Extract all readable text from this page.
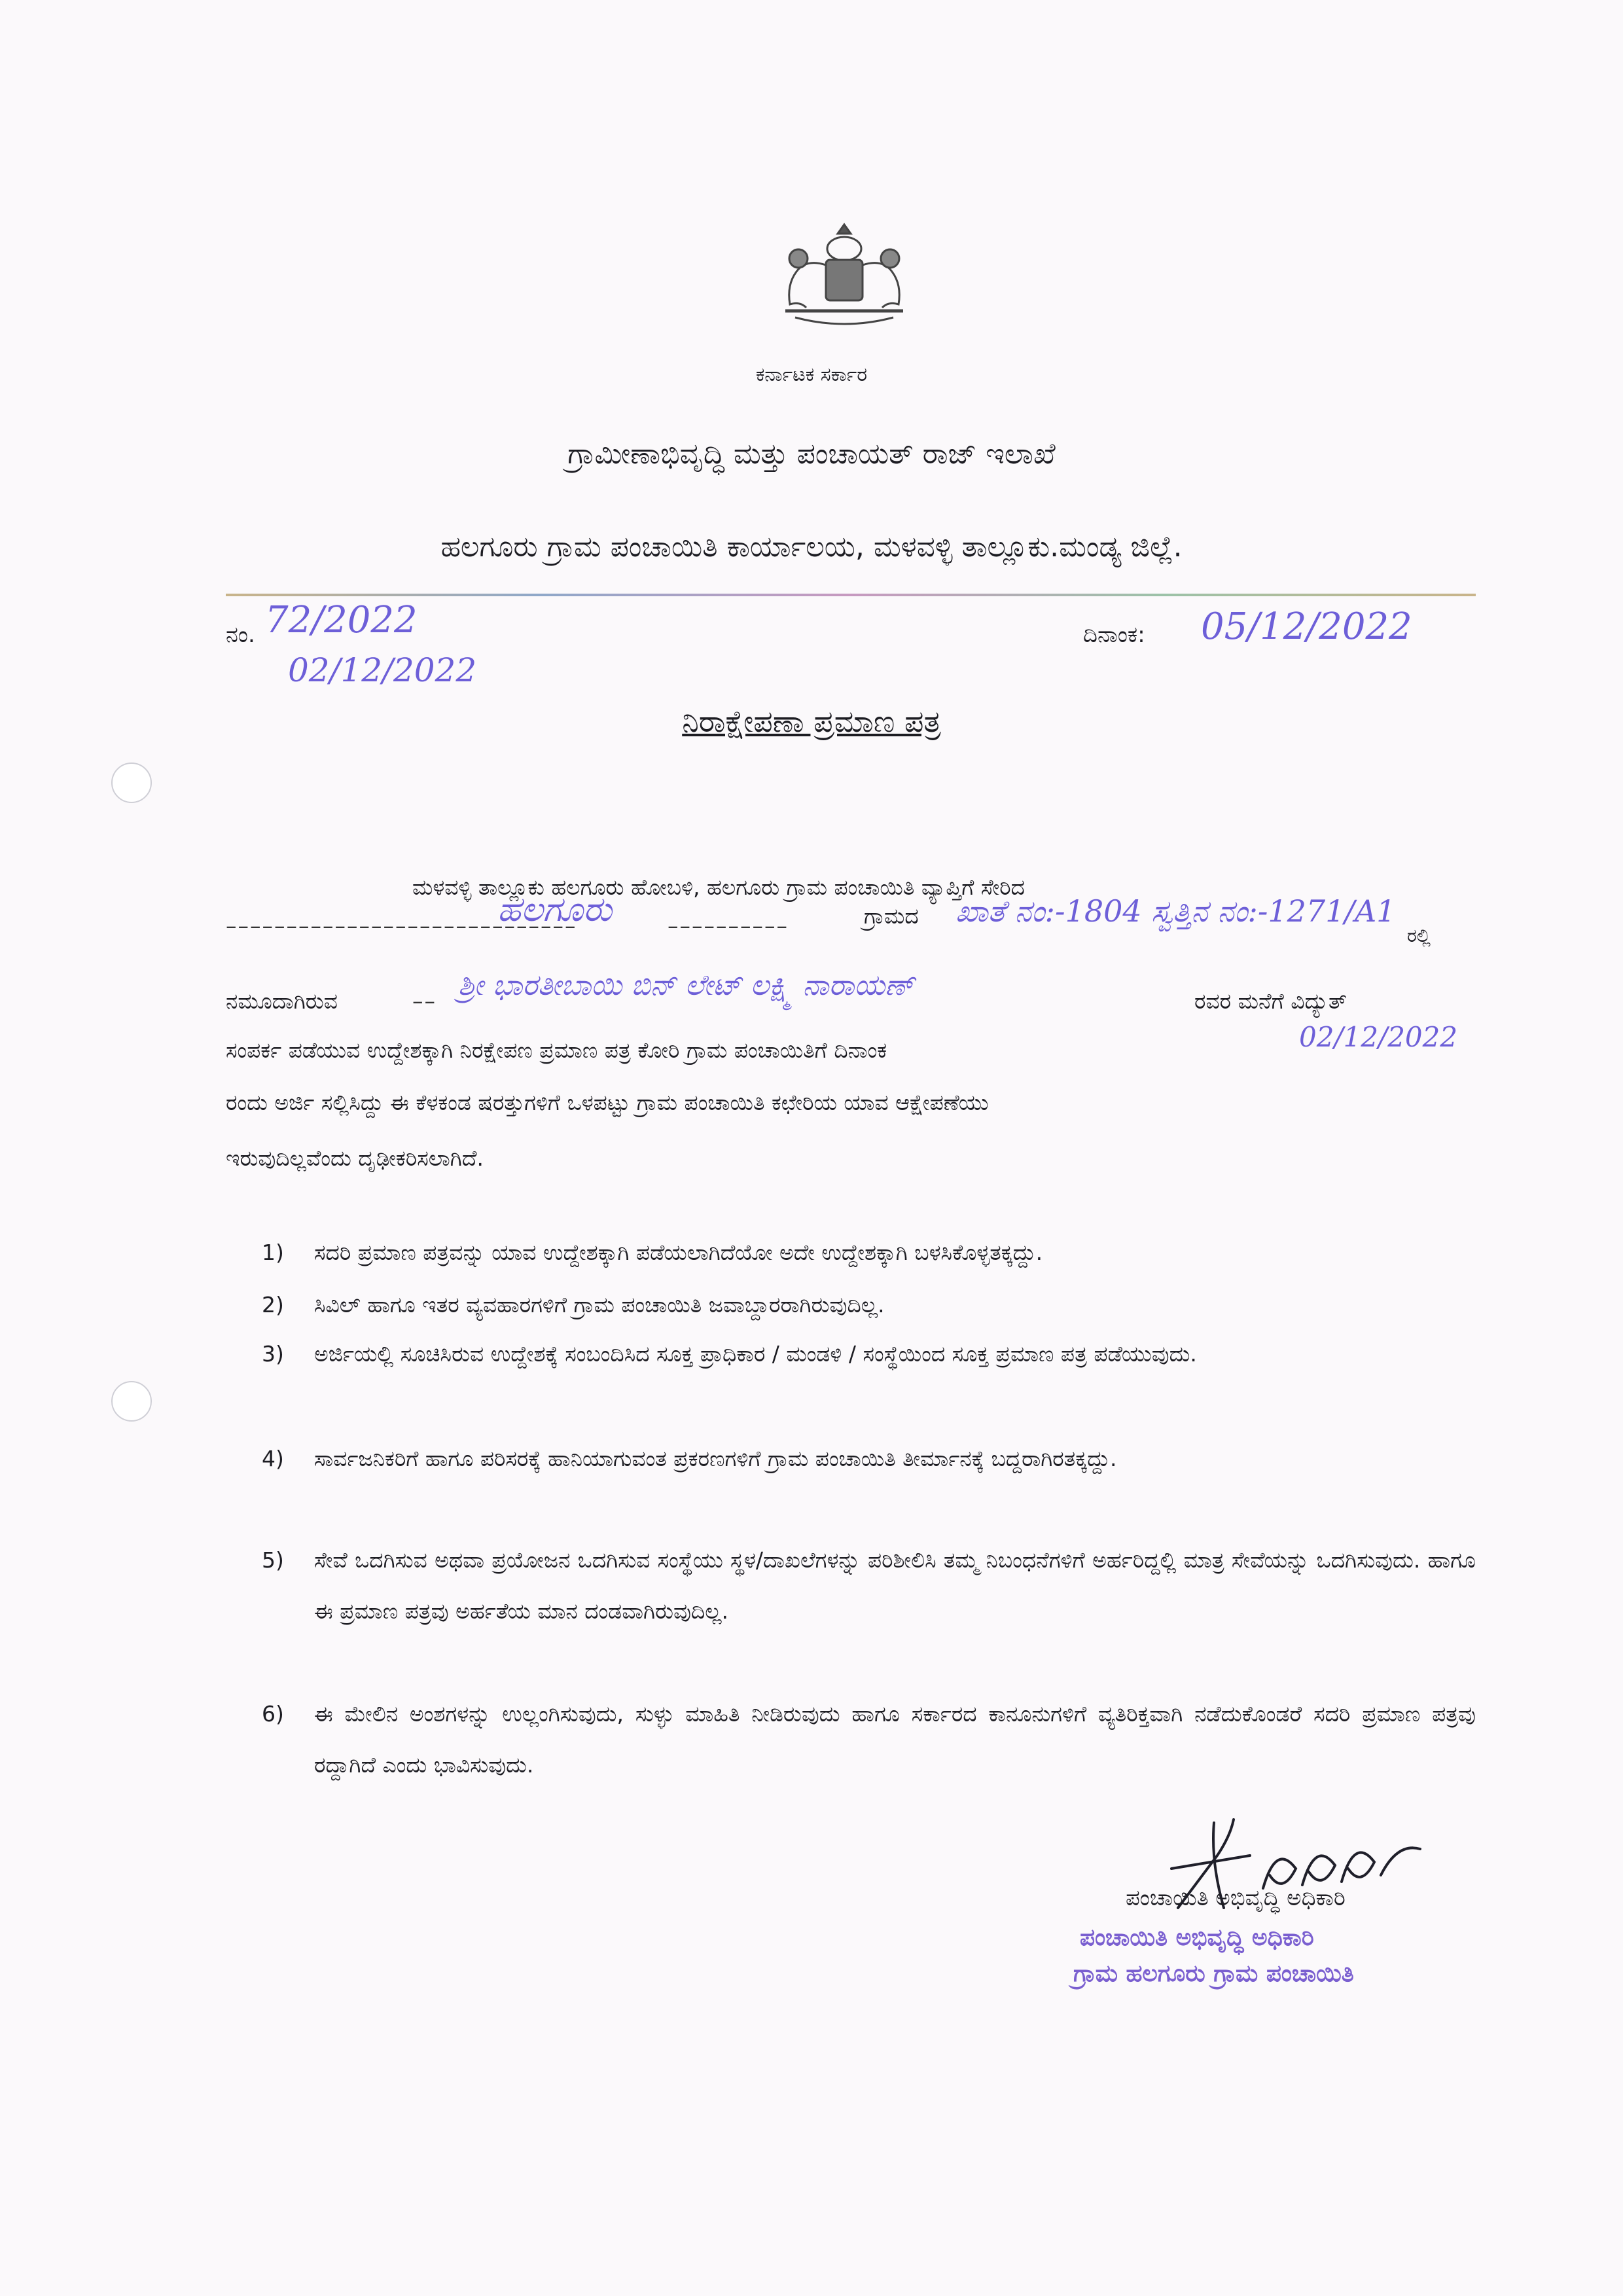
ಕರ್ನಾಟಕ ಸರ್ಕಾರ
ಗ್ರಾಮೀಣಾಭಿವೃದ್ಧಿ ಮತ್ತು ಪಂಚಾಯತ್ ರಾಜ್ ಇಲಾಖೆ
ಹಲಗೂರು ಗ್ರಾಮ ಪಂಚಾಯಿತಿ ಕಾರ್ಯಾಲಯ, ಮಳವಳ್ಳಿ ತಾಲ್ಲೂಕು.ಮಂಡ್ಯ ಜಿಲ್ಲೆ.
ನಂ. 72/2022
02/12/2022
ದಿನಾಂಕ: 05/12/2022
ನಿರಾಕ್ಷೇಪಣಾ ಪ್ರಮಾಣ ಪತ್ರ
ಮಳವಳ್ಳಿ ತಾಲ್ಲೂಕು ಹಲಗೂರು ಹೋಬಳಿ, ಹಲಗೂರು ಗ್ರಾಮ ಪಂಚಾಯಿತಿ ವ್ಯಾಪ್ತಿಗೆ ಸೇರಿದ
–––––––––––––––––––––––––––––
ಹಲಗೂರು	––––––––––	ಗ್ರಾಮದ ಖಾತೆ ನಂ:-1804 ಸ್ವತ್ತಿನ ನಂ:-1271/A1
ರಲ್ಲಿ
ನಮೂದಾಗಿರುವ	–– ಶ್ರೀ ಭಾರತೀಬಾಯಿ ಬಿನ್ ಲೇಟ್ ಲಕ್ಷ್ಮಿ ನಾರಾಯಣ್	ರವರ ಮನೆಗೆ ವಿದ್ಯುತ್
ಸಂಪರ್ಕ ಪಡೆಯುವ ಉದ್ದೇಶಕ್ಕಾಗಿ ನಿರಕ್ಷೇಪಣ ಪ್ರಮಾಣ ಪತ್ರ ಕೋರಿ ಗ್ರಾಮ ಪಂಚಾಯಿತಿಗೆ ದಿನಾಂಕ	02/12/2022
ರಂದು ಅರ್ಜಿ ಸಲ್ಲಿಸಿದ್ದು ಈ ಕೆಳಕಂಡ ಷರತ್ತುಗಳಿಗೆ ಒಳಪಟ್ಟು ಗ್ರಾಮ ಪಂಚಾಯಿತಿ ಕಛೇರಿಯ ಯಾವ ಆಕ್ಷೇಪಣೆಯು
ಇರುವುದಿಲ್ಲವೆಂದು ದೃಢೀಕರಿಸಲಾಗಿದೆ.
1)	ಸದರಿ ಪ್ರಮಾಣ ಪತ್ರವನ್ನು ಯಾವ ಉದ್ದೇಶಕ್ಕಾಗಿ ಪಡೆಯಲಾಗಿದೆಯೋ ಅದೇ ಉದ್ದೇಶಕ್ಕಾಗಿ ಬಳಸಿಕೊಳ್ಳತಕ್ಕದ್ದು.
2)	ಸಿವಿಲ್ ಹಾಗೂ ಇತರ ವ್ಯವಹಾರಗಳಿಗೆ ಗ್ರಾಮ ಪಂಚಾಯಿತಿ ಜವಾಬ್ದಾರರಾಗಿರುವುದಿಲ್ಲ.
3)	ಅರ್ಜಿಯಲ್ಲಿ ಸೂಚಿಸಿರುವ ಉದ್ದೇಶಕ್ಕೆ ಸಂಬಂದಿಸಿದ ಸೂಕ್ತ ಪ್ರಾಧಿಕಾರ / ಮಂಡಳಿ / ಸಂಸ್ಥೆಯಿಂದ ಸೂಕ್ತ ಪ್ರಮಾಣ ಪತ್ರ ಪಡೆಯುವುದು.
4)	ಸಾರ್ವಜನಿಕರಿಗೆ ಹಾಗೂ ಪರಿಸರಕ್ಕೆ ಹಾನಿಯಾಗುವಂತ ಪ್ರಕರಣಗಳಿಗೆ ಗ್ರಾಮ ಪಂಚಾಯಿತಿ ತೀರ್ಮಾನಕ್ಕೆ ಬದ್ದರಾಗಿರತಕ್ಕದ್ದು.
5)	ಸೇವೆ ಒದಗಿಸುವ ಅಥವಾ ಪ್ರಯೋಜನ ಒದಗಿಸುವ ಸಂಸ್ಥೆಯು ಸ್ಥಳ/ದಾಖಲೆಗಳನ್ನು ಪರಿಶೀಲಿಸಿ ತಮ್ಮ ನಿಬಂಧನೆಗಳಿಗೆ ಅರ್ಹರಿದ್ದಲ್ಲಿ ಮಾತ್ರ ಸೇವೆಯನ್ನು ಒದಗಿಸುವುದು. ಹಾಗೂ ಈ ಪ್ರಮಾಣ ಪತ್ರವು ಅರ್ಹತೆಯ ಮಾನ ದಂಡವಾಗಿರುವುದಿಲ್ಲ.
6)	ಈ ಮೇಲಿನ ಅಂಶಗಳನ್ನು ಉಲ್ಲಂಗಿಸುವುದು, ಸುಳ್ಳು ಮಾಹಿತಿ ನೀಡಿರುವುದು ಹಾಗೂ ಸರ್ಕಾರದ ಕಾನೂನುಗಳಿಗೆ ವ್ಯತಿರಿಕ್ತವಾಗಿ ನಡೆದುಕೊಂಡರೆ ಸದರಿ ಪ್ರಮಾಣ ಪತ್ರವು ರದ್ದಾಗಿದೆ ಎಂದು ಭಾವಿಸುವುದು.
ಪಂಚಾಯಿತಿ ಅಭಿವೃದ್ಧಿ ಅಧಿಕಾರಿ
ಪಂಚಾಯಿತಿ ಅಭಿವೃದ್ಧಿ ಅಧಿಕಾರಿ
ಗ್ರಾಮ ಹಲಗೂರು ಗ್ರಾಮ ಪಂಚಾಯಿತಿ
